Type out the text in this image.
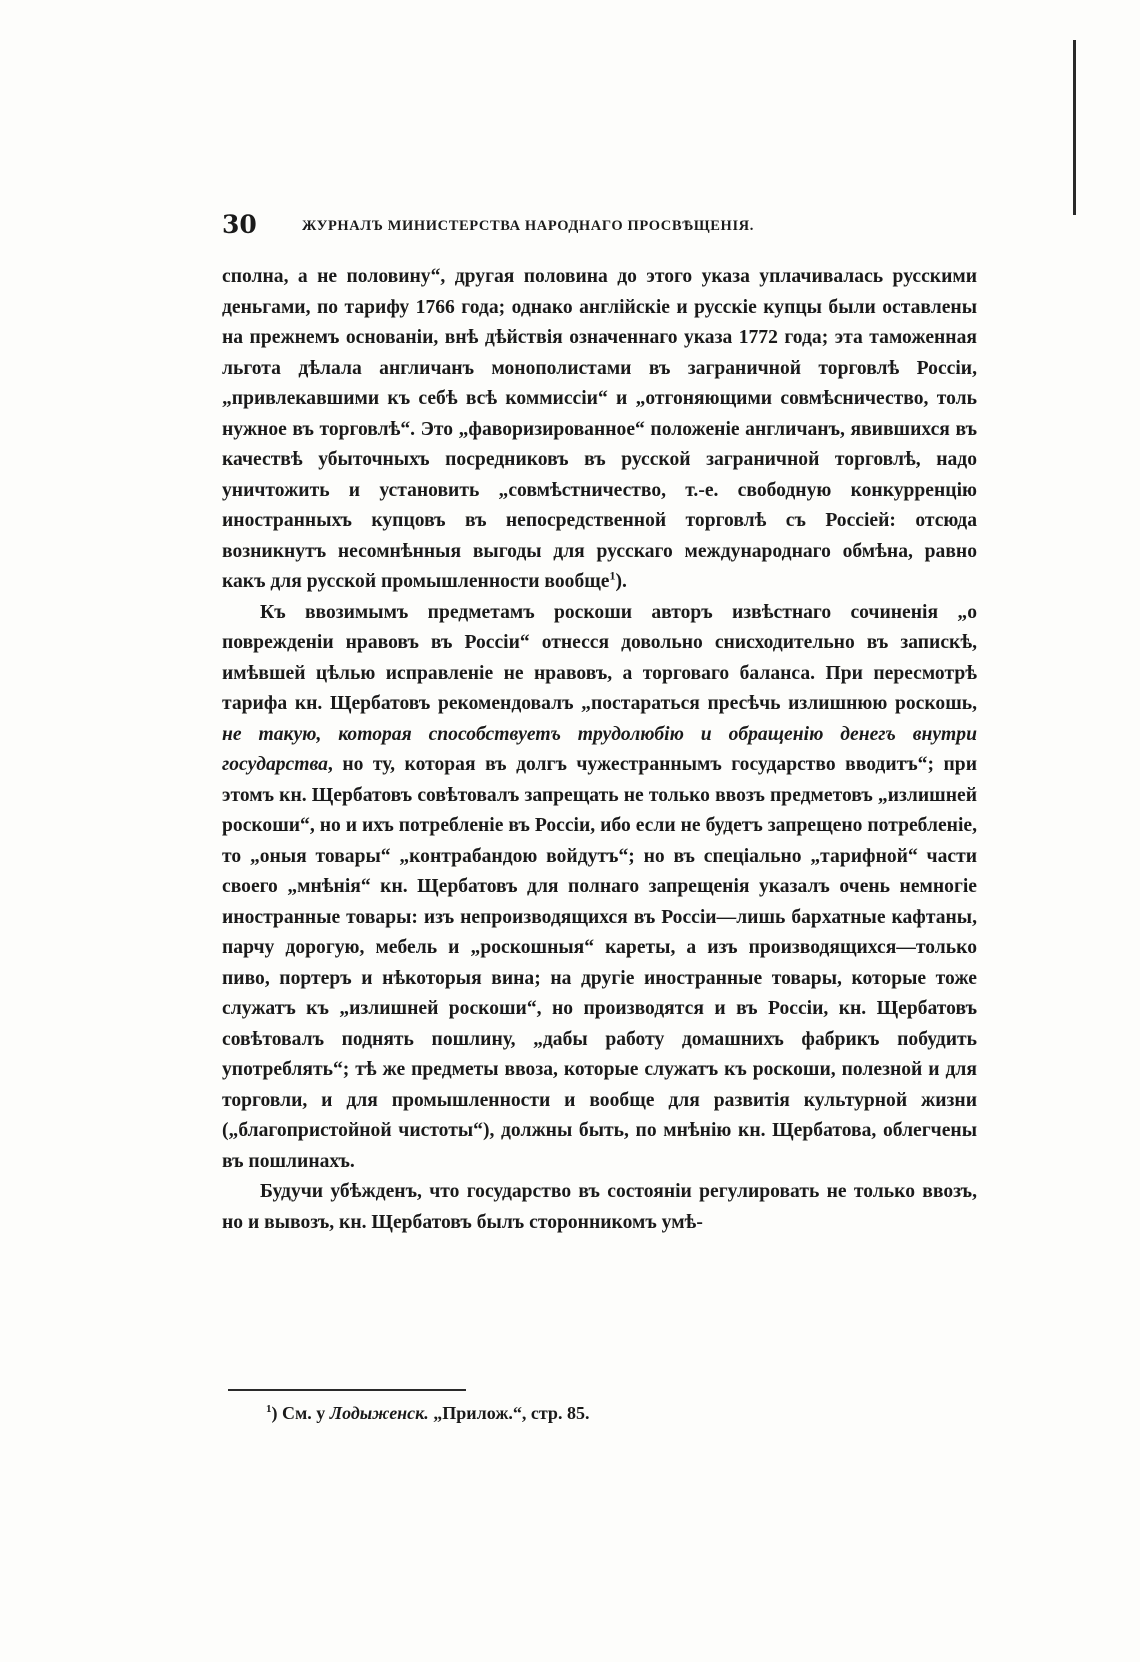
30	ЖУРНАЛЪ МИНИСТЕРСТВА НАРОДНАГО ПРОСВѢЩЕНІЯ.

сполна, а не половину“, другая половина до этого указа уплачивалась русскими деньгами, по тарифу 1766 года; однако англійскіе и русскіе купцы были оставлены на прежнемъ основаніи, внѣ дѣйствія означеннаго указа 1772 года; эта таможенная льгота дѣлала англичанъ монополистами въ заграничной торговлѣ Россіи, „привлекавшими къ себѣ всѣ коммиссіи“ и „отгоняющими совмѣсничество, толь нужное въ торговлѣ“. Это „фаворизированное“ положеніе англичанъ, явившихся въ качествѣ убыточныхъ посредниковъ въ русской заграничной торговлѣ, надо уничтожить и установить „совмѣстничество, т.-е. свободную конкурренцію иностранныхъ купцовъ въ непосредственной торговлѣ съ Россіей: отсюда возникнутъ несомнѣнныя выгоды для русскаго международнаго обмѣна, равно какъ для русской промышленности вообще$^1$).

Къ ввозимымъ предметамъ роскоши авторъ извѣстнаго сочиненія „о поврежденіи нравовъ въ Россіи“ отнесся довольно снисходительно въ запискѣ, имѣвшей цѣлью исправленіе не нравовъ, а торговаго баланса. При пересмотрѣ тарифа кн. Щербатовъ рекомендовалъ „постараться пресѣчь излишнюю роскошь, не такую, которая способствуетъ трудолюбію и обращенію денегъ внутри государства, но ту, которая въ долгъ чужестраннымъ государство вводитъ“; при этомъ кн. Щербатовъ совѣтовалъ запрещать не только ввозъ предметовъ „излишней роскоши“, но и ихъ потребленіе въ Россіи, ибо если не будетъ запрещено потребленіе, то „оныя товары“ „контрабандою войдутъ“; но въ спеціально „тарифной“ части своего „мнѣнія“ кн. Щербатовъ для полнаго запрещенія указалъ очень немногіе иностранные товары: изъ непроизводящихся въ Россіи—лишь бархатные кафтаны, парчу дорогую, мебель и „роскошныя“ кареты, а изъ производящихся—только пиво, портеръ и нѣкоторыя вина; на другіе иностранные товары, которые тоже служатъ къ „излишней роскоши“, но производятся и въ Россіи, кн. Щербатовъ совѣтовалъ поднять пошлину, „дабы работу домашнихъ фабрикъ побудить употреблять“; тѣ же предметы ввоза, которые служатъ къ роскоши, полезной и для торговли, и для промышленности и вообще для развитія культурной жизни („благопристойной чистоты“), должны быть, по мнѣнію кн. Щербатова, облегчены въ пошлинахъ.

Будучи убѣжденъ, что государство въ состояніи регулировать не только ввозъ, но и вывозъ, кн. Щербатовъ былъ сторонникомъ умѣ-

$^1$) См. у Лодыженск. „Прилож.“, стр. 85.
